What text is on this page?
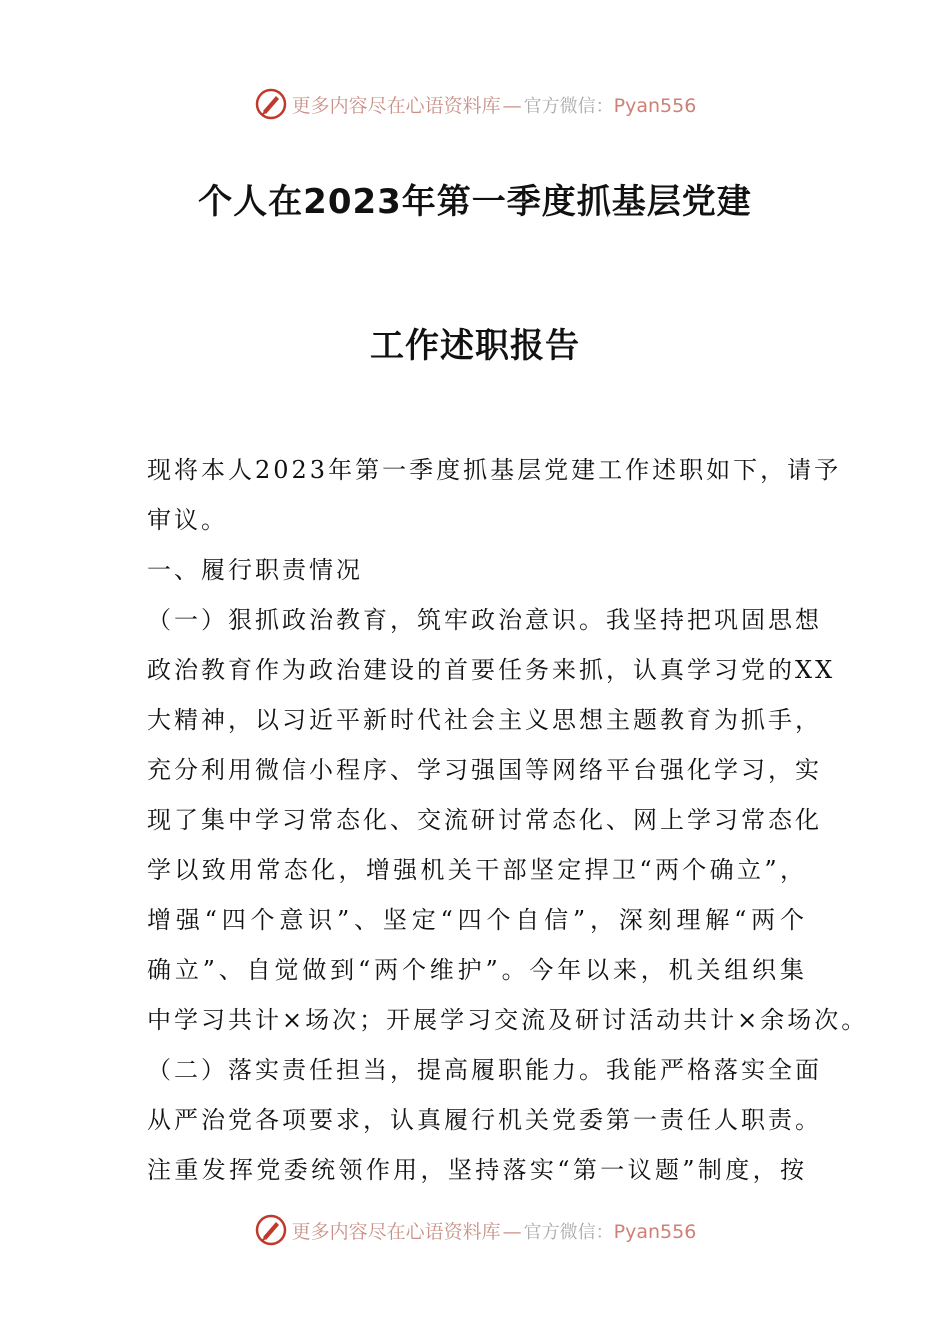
更多内容尽在心语资料库 — 官方微信：Pyan556
个人在2023年第一季度抓基层党建
工作述职报告
现将本人2023年第一季度抓基层党建工作述职如下，请予
审议。
一、履行职责情况
（一）狠抓政治教育，筑牢政治意识。我坚持把巩固思想
政治教育作为政治建设的首要任务来抓，认真学习党的XX
大精神，以习近平新时代社会主义思想主题教育为抓手，
充分利用微信小程序、学习强国等网络平台强化学习，实
现了集中学习常态化、交流研讨常态化、网上学习常态化
学以致用常态化，增强机关干部坚定捍卫“两个确立”，
增强“四个意识”、坚定“四个自信”，深刻理解“两个
确立”、自觉做到“两个维护”。今年以来，机关组织集
中学习共计×场次；开展学习交流及研讨活动共计×余场次。
（二）落实责任担当，提高履职能力。我能严格落实全面
从严治党各项要求，认真履行机关党委第一责任人职责。
注重发挥党委统领作用，坚持落实“第一议题”制度，按
更多内容尽在心语资料库 — 官方微信：Pyan556
